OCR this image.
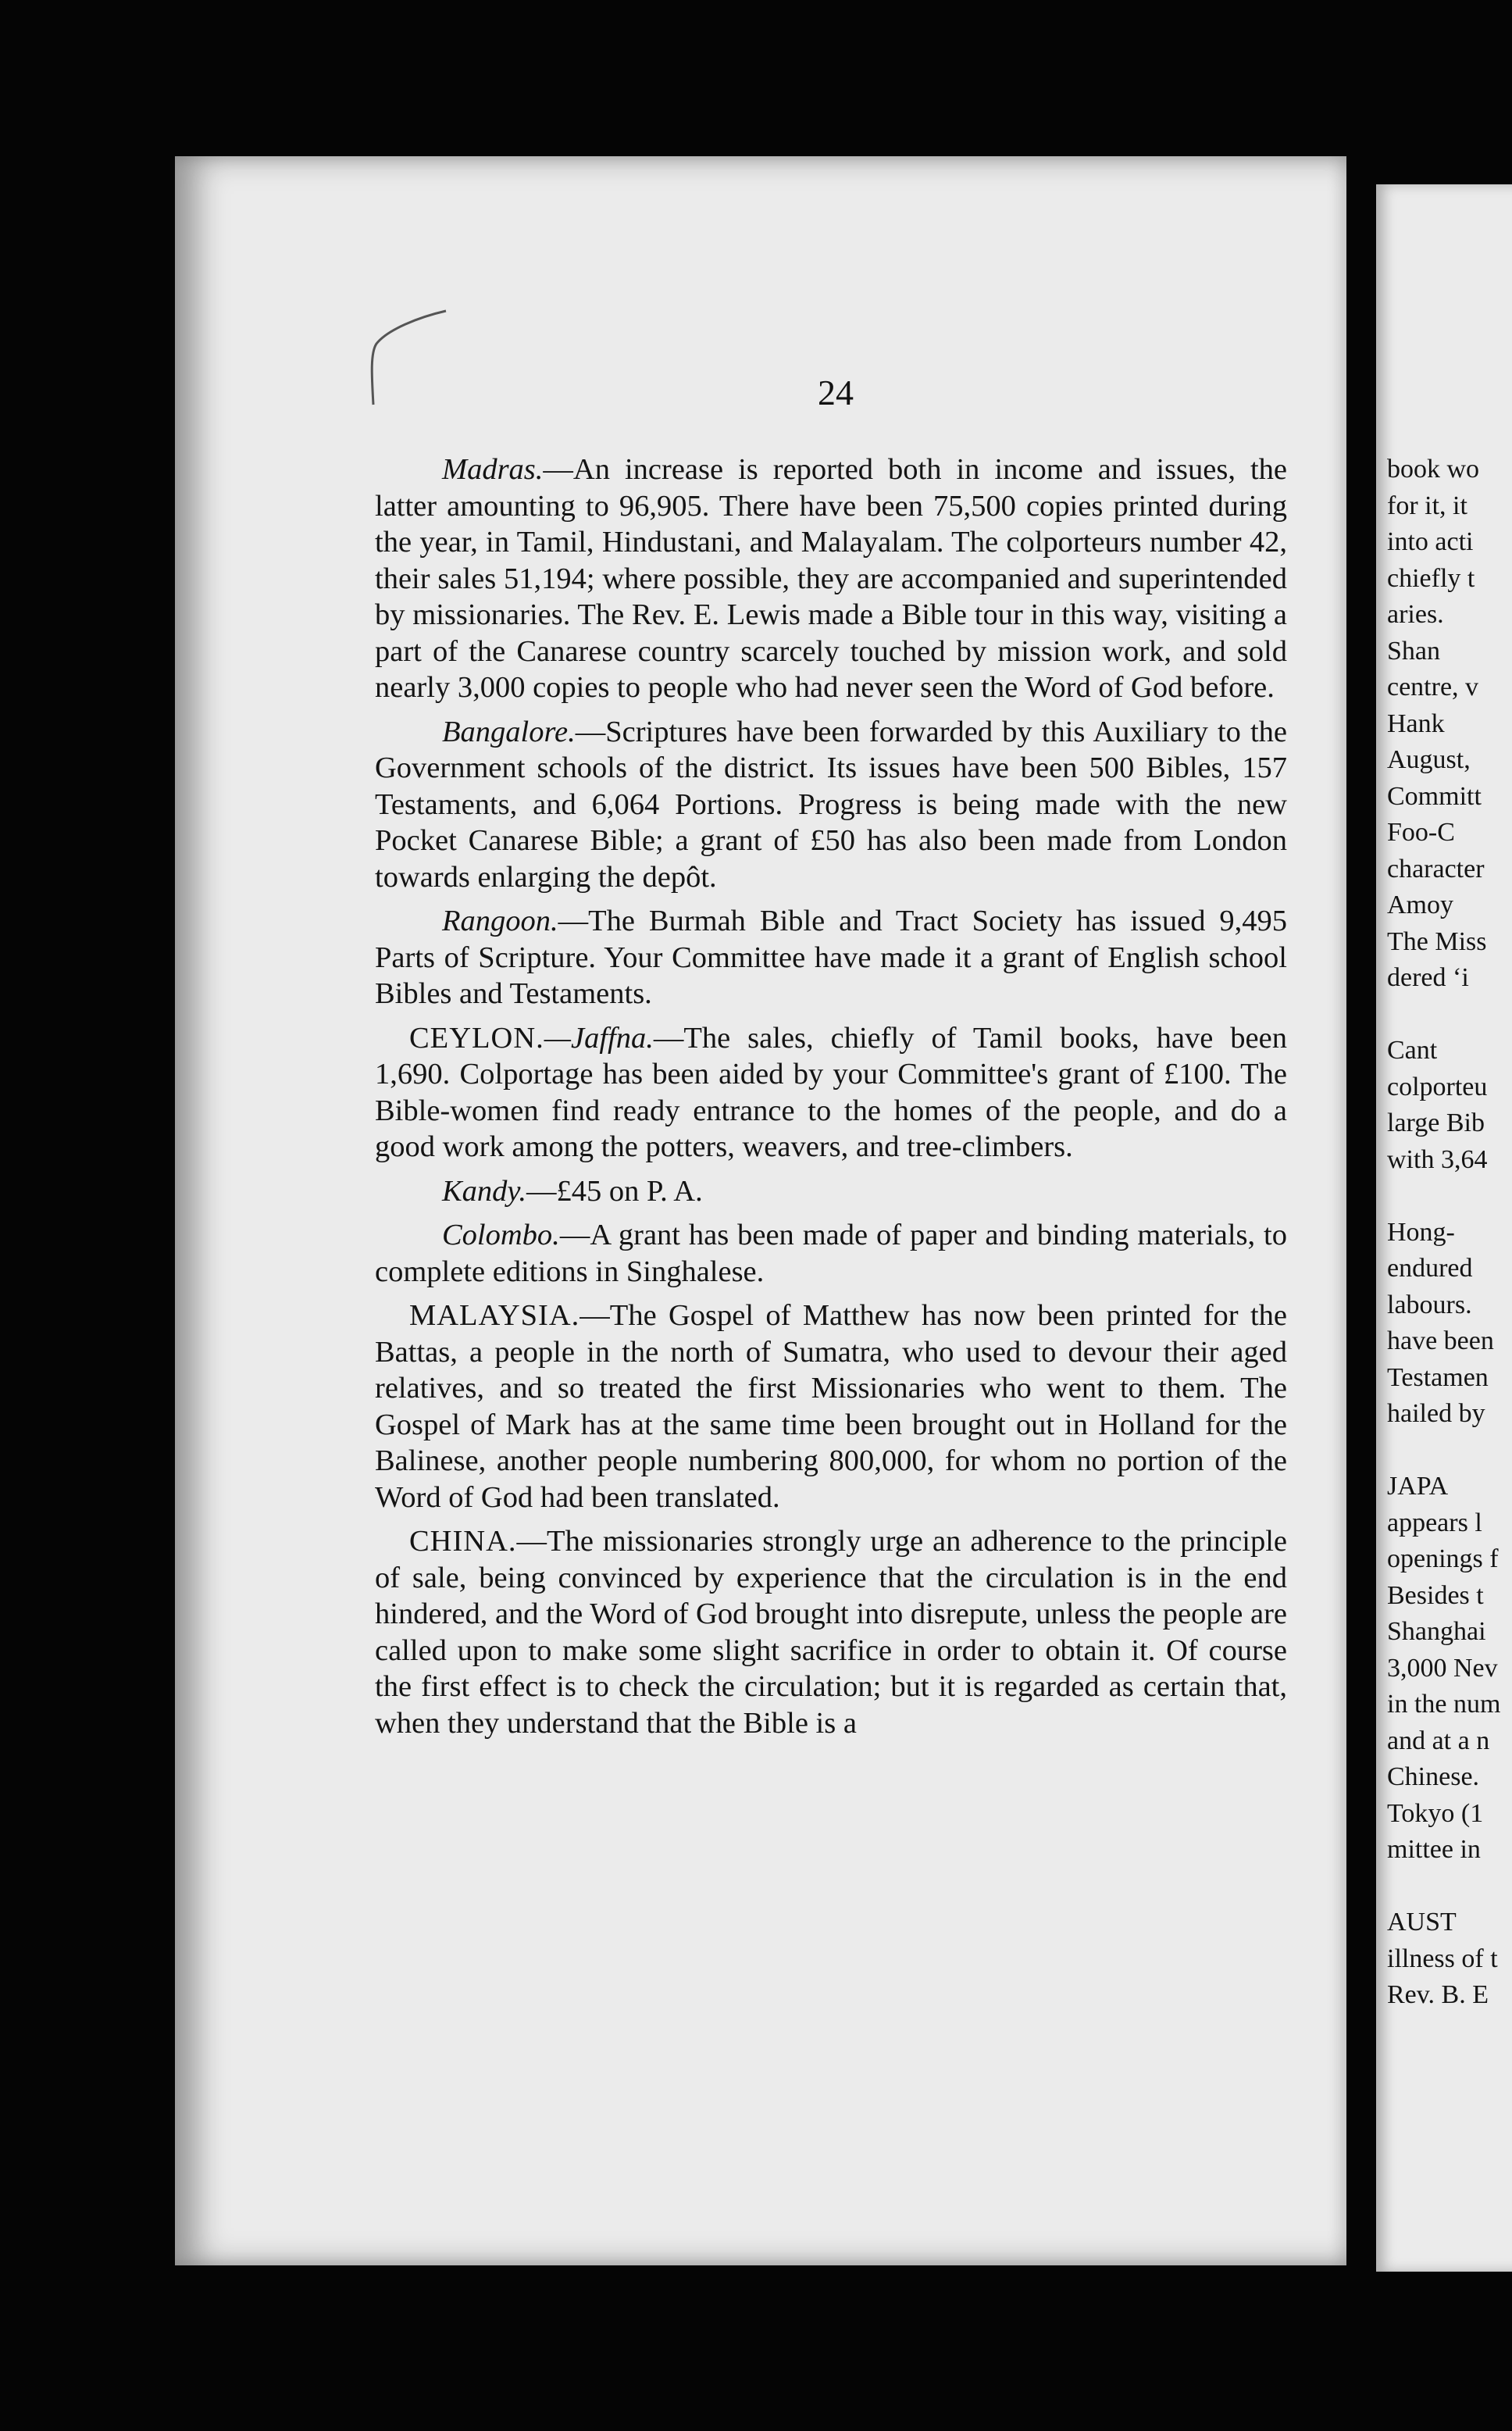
24

Madras.—An increase is reported both in income and issues, the latter amounting to 96,905. There have been 75,500 copies printed during the year, in Tamil, Hindustani, and Malayalam. The colporteurs number 42, their sales 51,194; where possible, they are accompanied and superintended by missionaries. The Rev. E. Lewis made a Bible tour in this way, visiting a part of the Canarese country scarcely touched by mission work, and sold nearly 3,000 copies to people who had never seen the Word of God before.

Bangalore.—Scriptures have been forwarded by this Auxiliary to the Government schools of the district. Its issues have been 500 Bibles, 157 Testaments, and 6,064 Portions. Progress is being made with the new Pocket Canarese Bible; a grant of £50 has also been made from London towards enlarging the depôt.

Rangoon.—The Burmah Bible and Tract Society has issued 9,495 Parts of Scripture. Your Committee have made it a grant of English school Bibles and Testaments.

CEYLON.—Jaffna.—The sales, chiefly of Tamil books, have been 1,690. Colportage has been aided by your Committee's grant of £100. The Bible-women find ready entrance to the homes of the people, and do a good work among the potters, weavers, and tree-climbers.

Kandy.—£45 on P. A.

Colombo.—A grant has been made of paper and binding materials, to complete editions in Singhalese.

MALAYSIA.—The Gospel of Matthew has now been printed for the Battas, a people in the north of Sumatra, who used to devour their aged relatives, and so treated the first Missionaries who went to them. The Gospel of Mark has at the same time been brought out in Holland for the Balinese, another people numbering 800,000, for whom no portion of the Word of God had been translated.

CHINA.—The missionaries strongly urge an adherence to the principle of sale, being convinced by experience that the circulation is in the end hindered, and the Word of God brought into disrepute, unless the people are called upon to make some slight sacrifice in order to obtain it. Of course the first effect is to check the circulation; but it is regarded as certain that, when they understand that the Bible is a

book wo
for it, it
into acti
chiefly t
aries.
Shan
centre, v
Hank
August,
Committ
Foo-C
character
Amoy
The Miss
dered ‘i
Cant
colporteu
large Bib
with 3,64
Hong-
endured
labours.
have been
Testamen
hailed by
JAPA
appears l
openings f
Besides t
Shanghai
3,000 Nev
in the num
and at a n
Chinese.
Tokyo (1
mittee in
AUST
illness of t
Rev. B. E
